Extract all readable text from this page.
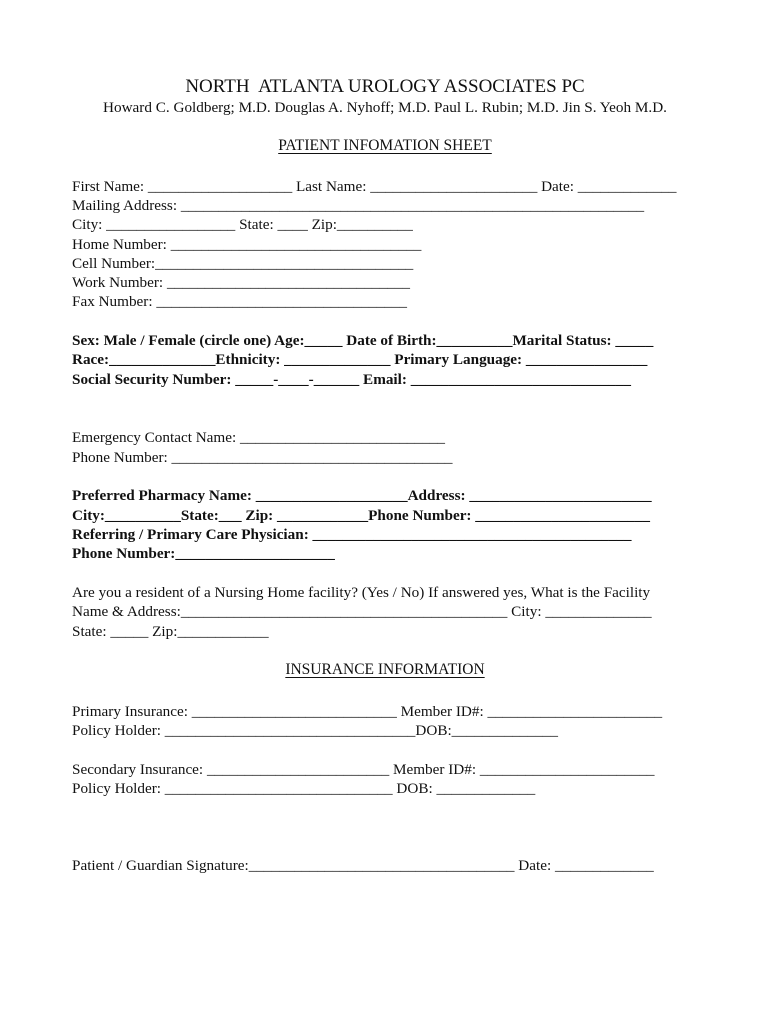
NORTH  ATLANTA UROLOGY ASSOCIATES PC
Howard C. Goldberg; M.D. Douglas A. Nyhoff; M.D. Paul L. Rubin; M.D. Jin S. Yeoh M.D.
PATIENT INFOMATION SHEET
First Name: ___________________ Last Name: ______________________ Date: _____________
Mailing Address: _____________________________________________________________
City: _________________ State: ____ Zip:__________
Home Number: _________________________________
Cell Number:__________________________________
Work Number: ________________________________
Fax Number: _________________________________
Sex: Male / Female (circle one) Age:_____ Date of Birth:__________Marital Status: _____
Race:______________Ethnicity: ______________ Primary Language: ________________
Social Security Number: _____-____-______ Email: _____________________________
Emergency Contact Name: ___________________________
Phone Number: _____________________________________
Preferred Pharmacy Name: ____________________Address: ________________________
City:__________State:___ Zip: ____________Phone Number: _______________________
Referring / Primary Care Physician: __________________________________________
Phone Number:_____________________
Are you a resident of a Nursing Home facility? (Yes / No) If answered yes, What is the Facility
Name & Address:___________________________________________ City: ______________
State: _____ Zip:____________
INSURANCE INFORMATION
Primary Insurance: ___________________________ Member ID#: _______________________
Policy Holder: _________________________________DOB:______________
Secondary Insurance: ________________________ Member ID#: _______________________
Policy Holder: ______________________________ DOB: _____________
Patient / Guardian Signature:___________________________________ Date: _____________
